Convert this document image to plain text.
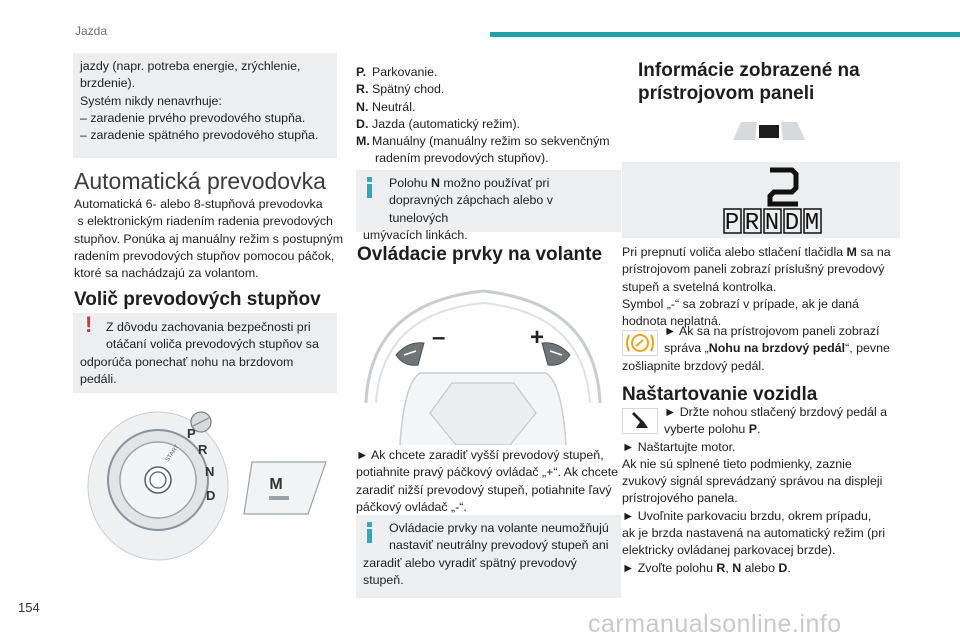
Jazda

jazdy (napr. potreba energie, zrýchlenie,

brzdenie).

Systém nikdy nenavrhuje:

– zaradenie prvého prevodového stupňa.

– zaradenie spätného prevodového stupňa.

Automatická prevodovka

Automatická 6- alebo 8-stupňová prevodovka

s elektronickým riadením radenia prevodových

stupňov. Ponúka aj manuálny režim s postupným

radením prevodových stupňov pomocou páčok,

ktoré sa nachádzajú za volantom.

Volič prevodových stupňov
!	Z dôvodu zachovania bezpečnosti pri

otáčaní voliča prevodových stupňov sa

odporúča ponechať nohu na brzdovom

pedáli.

M
P
R
N
D
START
P. Parkovanie.
R. Spätný chod.
N. Neutrál.
D. Jazda (automatický režim).
M. Manuálny (manuálny režim so sekvenčným

radením prevodových stupňov).

Polohu N možno používať pri

dopravných zápchach alebo v tunelových

umývacích linkách.

Ovládacie prvky na volante
–	+

► Ak chcete zaradiť vyšší prevodový stupeň,

potiahnite pravý páčkový ovládač „+“. Ak chcete

zaradiť nižší prevodový stupeň, potiahnite ľavý

páčkový ovládač „-“.

Ovládacie prvky na volante neumožňujú

nastaviť neutrálny prevodový stupeň ani

zaradiť alebo vyradiť spätný prevodový

stupeň.

Informácie zobrazené na prístrojovom paneli
P R N D M

Pri prepnutí voliča alebo stlačení tlačidla M sa na

prístrojovom paneli zobrazí príslušný prevodový

stupeň a svetelná kontrolka.

Symbol „-“ sa zobrazí v prípade, ak je daná

hodnota neplatná.

► Ak sa na prístrojovom paneli zobrazí

správa „Nohu na brzdový pedál“, pevne

zošliapnite brzdový pedál.

Naštartovanie vozidla

► Držte nohou stlačený brzdový pedál a

vyberte polohu P.

► Naštartujte motor.

Ak nie sú splnené tieto podmienky, zaznie

zvukový signál sprevádzaný správou na displeji

prístrojového panela.

► Uvoľnite parkovaciu brzdu, okrem prípadu,

ak je brzda nastavená na automatický režim (pri

elektricky ovládanej parkovacej brzde).

► Zvoľte polohu R, N alebo D.

154
carmanualsonline.info
